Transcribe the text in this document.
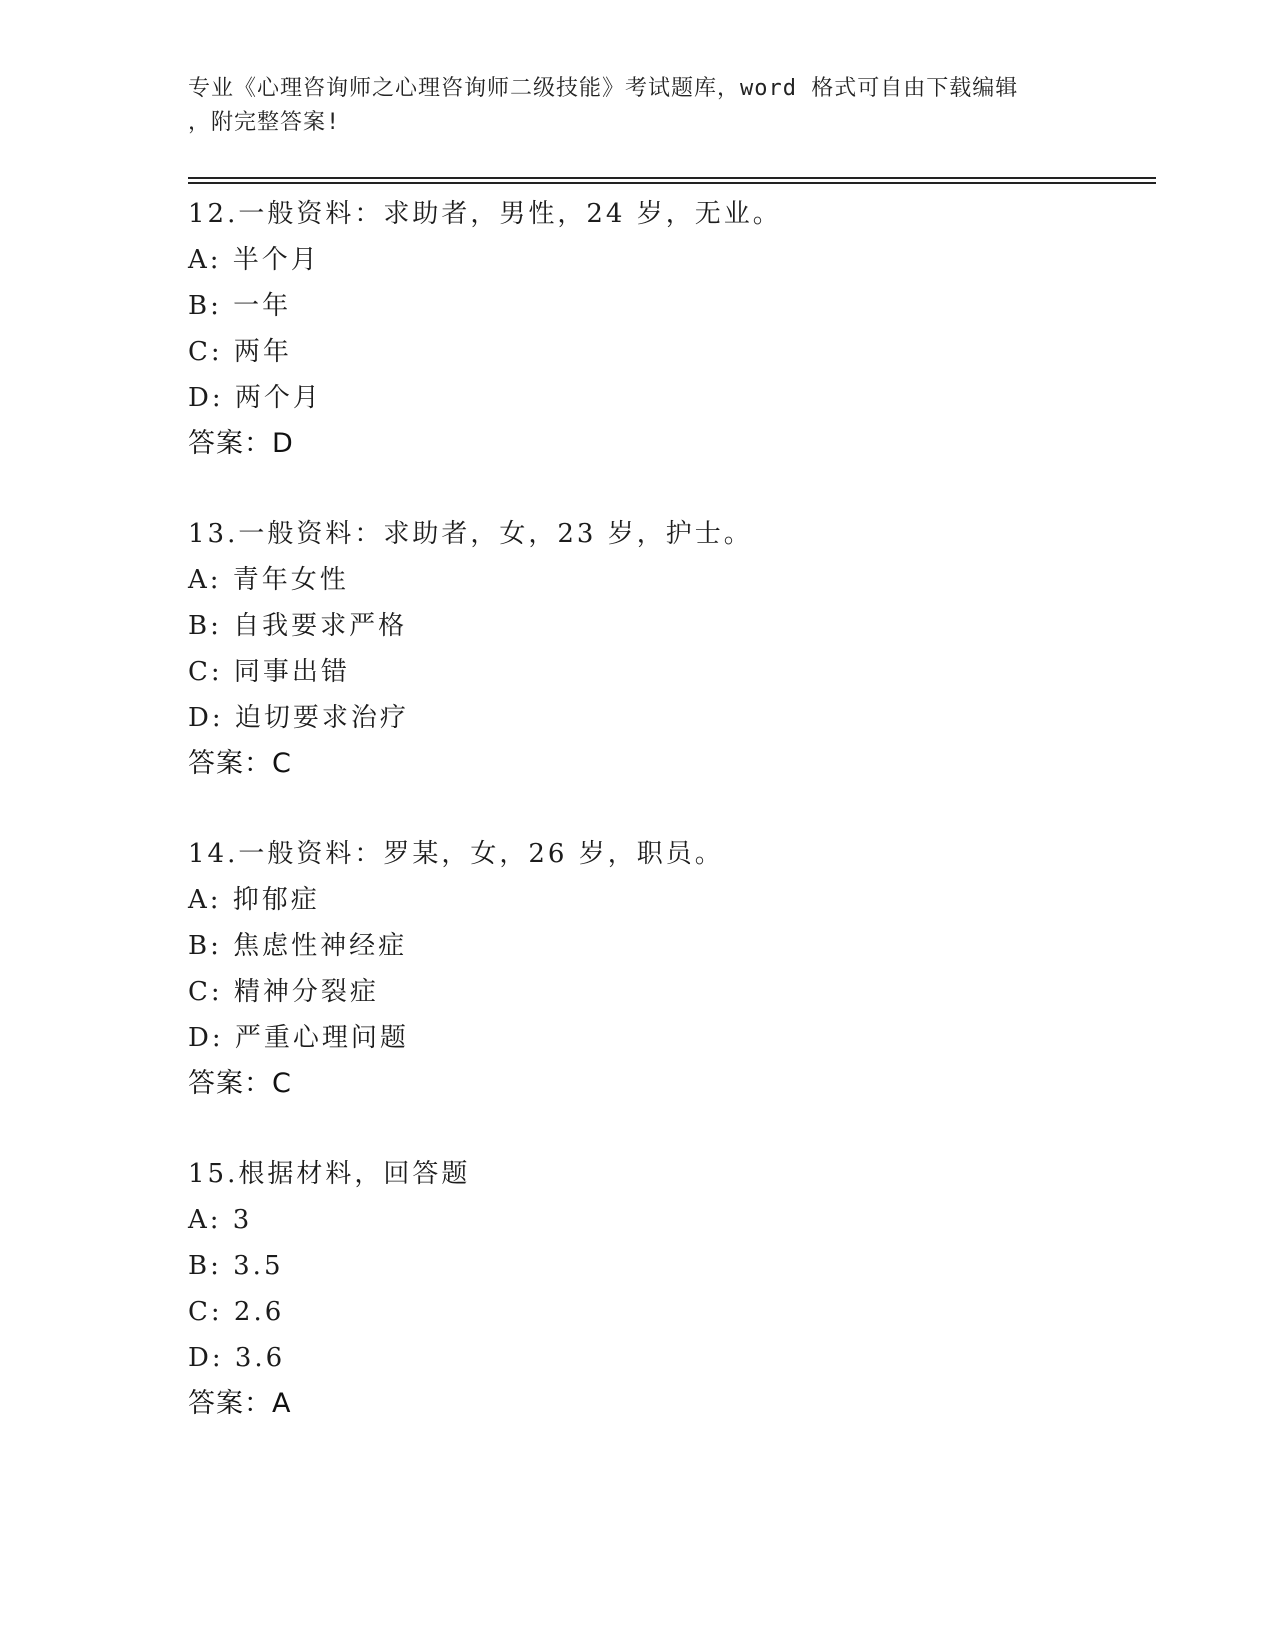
专业《心理咨询师之心理咨询师二级技能》考试题库，word 格式可自由下载编辑
，附完整答案!
12.一般资料：求助者，男性，24 岁，无业。
A: 半个月
B: 一年
C: 两年
D: 两个月
答案：D
13.一般资料：求助者，女，23 岁，护士。
A: 青年女性
B: 自我要求严格
C: 同事出错
D: 迫切要求治疗
答案：C
14.一般资料：罗某，女，26 岁，职员。
A: 抑郁症
B: 焦虑性神经症
C: 精神分裂症
D: 严重心理问题
答案：C
15.根据材料，回答题
A: 3
B: 3.5
C: 2.6
D: 3.6
答案：A
